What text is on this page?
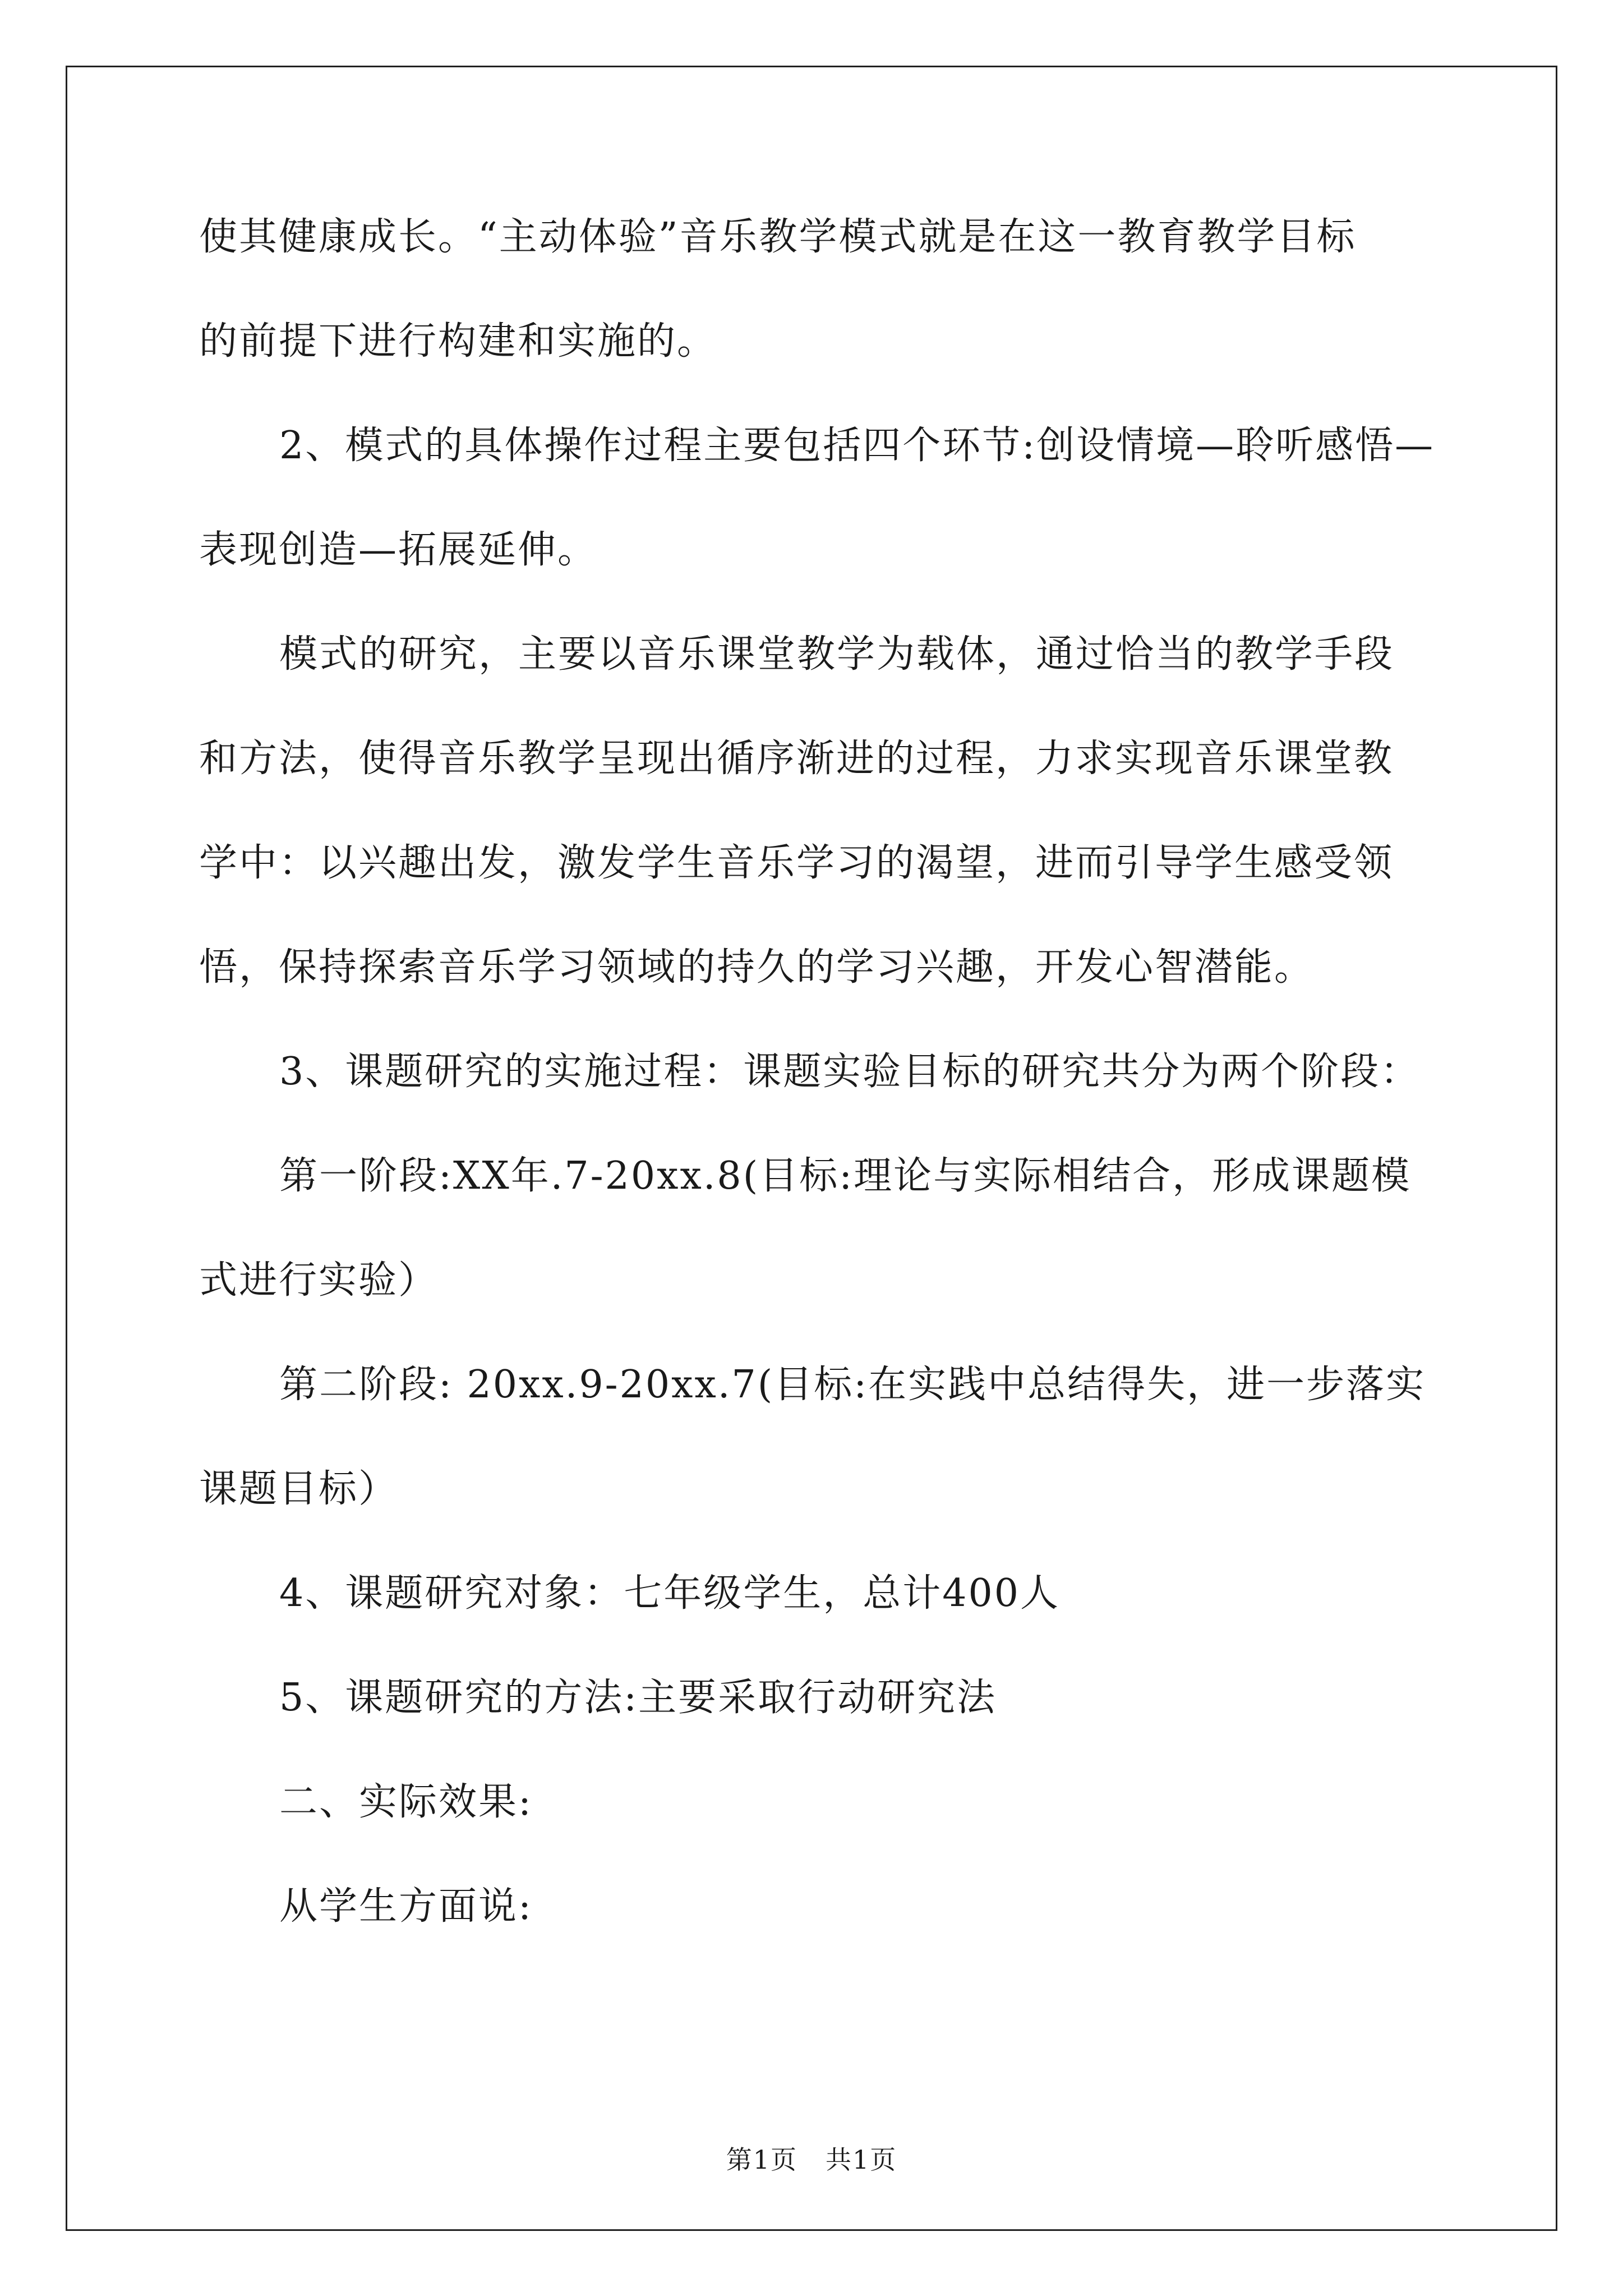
使其健康成长。“主动体验”音乐教学模式就是在这一教育教学目标
的前提下进行构建和实施的。
2、模式的具体操作过程主要包括四个环节:创设情境—聆听感悟—
表现创造—拓展延伸。
模式的研究，主要以音乐课堂教学为载体，通过恰当的教学手段
和方法，使得音乐教学呈现出循序渐进的过程，力求实现音乐课堂教
学中：以兴趣出发，激发学生音乐学习的渴望，进而引导学生感受领
悟，保持探索音乐学习领域的持久的学习兴趣，开发心智潜能。
3、课题研究的实施过程：课题实验目标的研究共分为两个阶段：
第一阶段:XX年.7-20xx.8(目标:理论与实际相结合，形成课题模
式进行实验）
第二阶段: 20xx.9-20xx.7(目标:在实践中总结得失，进一步落实
课题目标）
4、课题研究对象：七年级学生，总计400人
5、课题研究的方法:主要采取行动研究法
二、实际效果:
从学生方面说:
第1页 共1页
